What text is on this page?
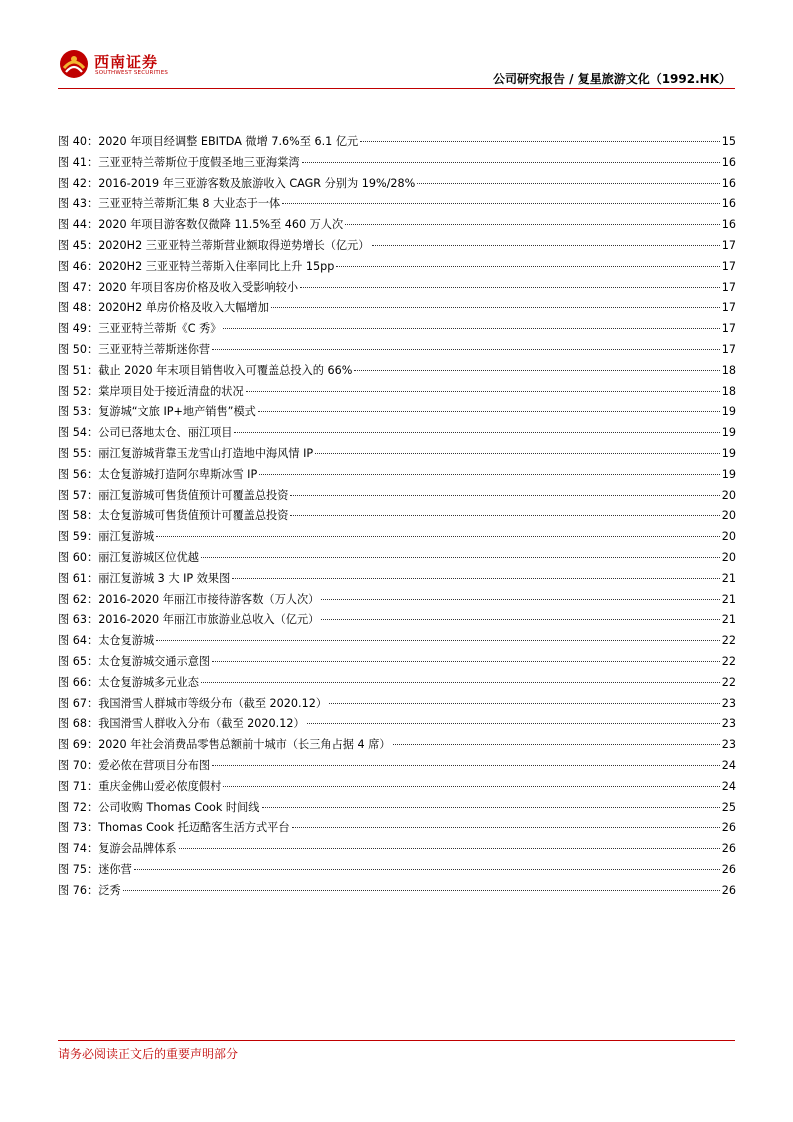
西南证券
SOUTHWEST SECURITIES	公司研究报告 / 复星旅游文化（1992.HK）
图 40 ： 2020 年项目经调整 EBITDA 微增 7.6%至 6.1 亿元	15
图 41 ： 三亚亚特兰蒂斯位于度假圣地三亚海棠湾	16
图 42 ： 2016-2019 年三亚游客数及旅游收入 CAGR 分别为 19%/28%	16
图 43 ： 三亚亚特兰蒂斯汇集 8 大业态于一体	16
图 44 ： 2020 年项目游客数仅微降 11.5%至 460 万人次	16
图 45 ： 2020H2 三亚亚特兰蒂斯营业额取得逆势增长（亿元）	17
图 46 ： 2020H2 三亚亚特兰蒂斯入住率同比上升 15pp	17
图 47 ： 2020 年项目客房价格及收入受影响较小	17
图 48 ： 2020H2 单房价格及收入大幅增加	17
图 49 ： 三亚亚特兰蒂斯《C 秀》	17
图 50 ： 三亚亚特兰蒂斯迷你营	17
图 51 ： 截止 2020 年末项目销售收入可覆盖总投入的 66%	18
图 52 ： 棠岸项目处于接近清盘的状况	18
图 53 ： 复游城“文旅 IP+地产销售”模式	19
图 54 ： 公司已落地太仓、丽江项目	19
图 55 ： 丽江复游城背靠玉龙雪山打造地中海风情 IP	19
图 56 ： 太仓复游城打造阿尔卑斯冰雪 IP	19
图 57 ： 丽江复游城可售货值预计可覆盖总投资	20
图 58 ： 太仓复游城可售货值预计可覆盖总投资	20
图 59 ： 丽江复游城	20
图 60 ： 丽江复游城区位优越	20
图 61 ： 丽江复游城 3 大 IP 效果图	21
图 62 ： 2016-2020 年丽江市接待游客数（万人次）	21
图 63 ： 2016-2020 年丽江市旅游业总收入（亿元）	21
图 64 ： 太仓复游城	22
图 65 ： 太仓复游城交通示意图	22
图 66 ： 太仓复游城多元业态	22
图 67 ： 我国滑雪人群城市等级分布（截至 2020.12）	23
图 68 ： 我国滑雪人群收入分布（截至 2020.12）	23
图 69 ： 2020 年社会消费品零售总额前十城市（长三角占据 4 席）	23
图 70 ： 爱必侬在营项目分布图	24
图 71 ： 重庆金佛山爱必侬度假村	24
图 72 ： 公司收购 Thomas Cook 时间线	25
图 73 ： Thomas Cook 托迈酷客生活方式平台	26
图 74 ： 复游会品牌体系	26
图 75 ： 迷你营	26
图 76 ： 泛秀	26
请务必阅读正文后的重要声明部分
